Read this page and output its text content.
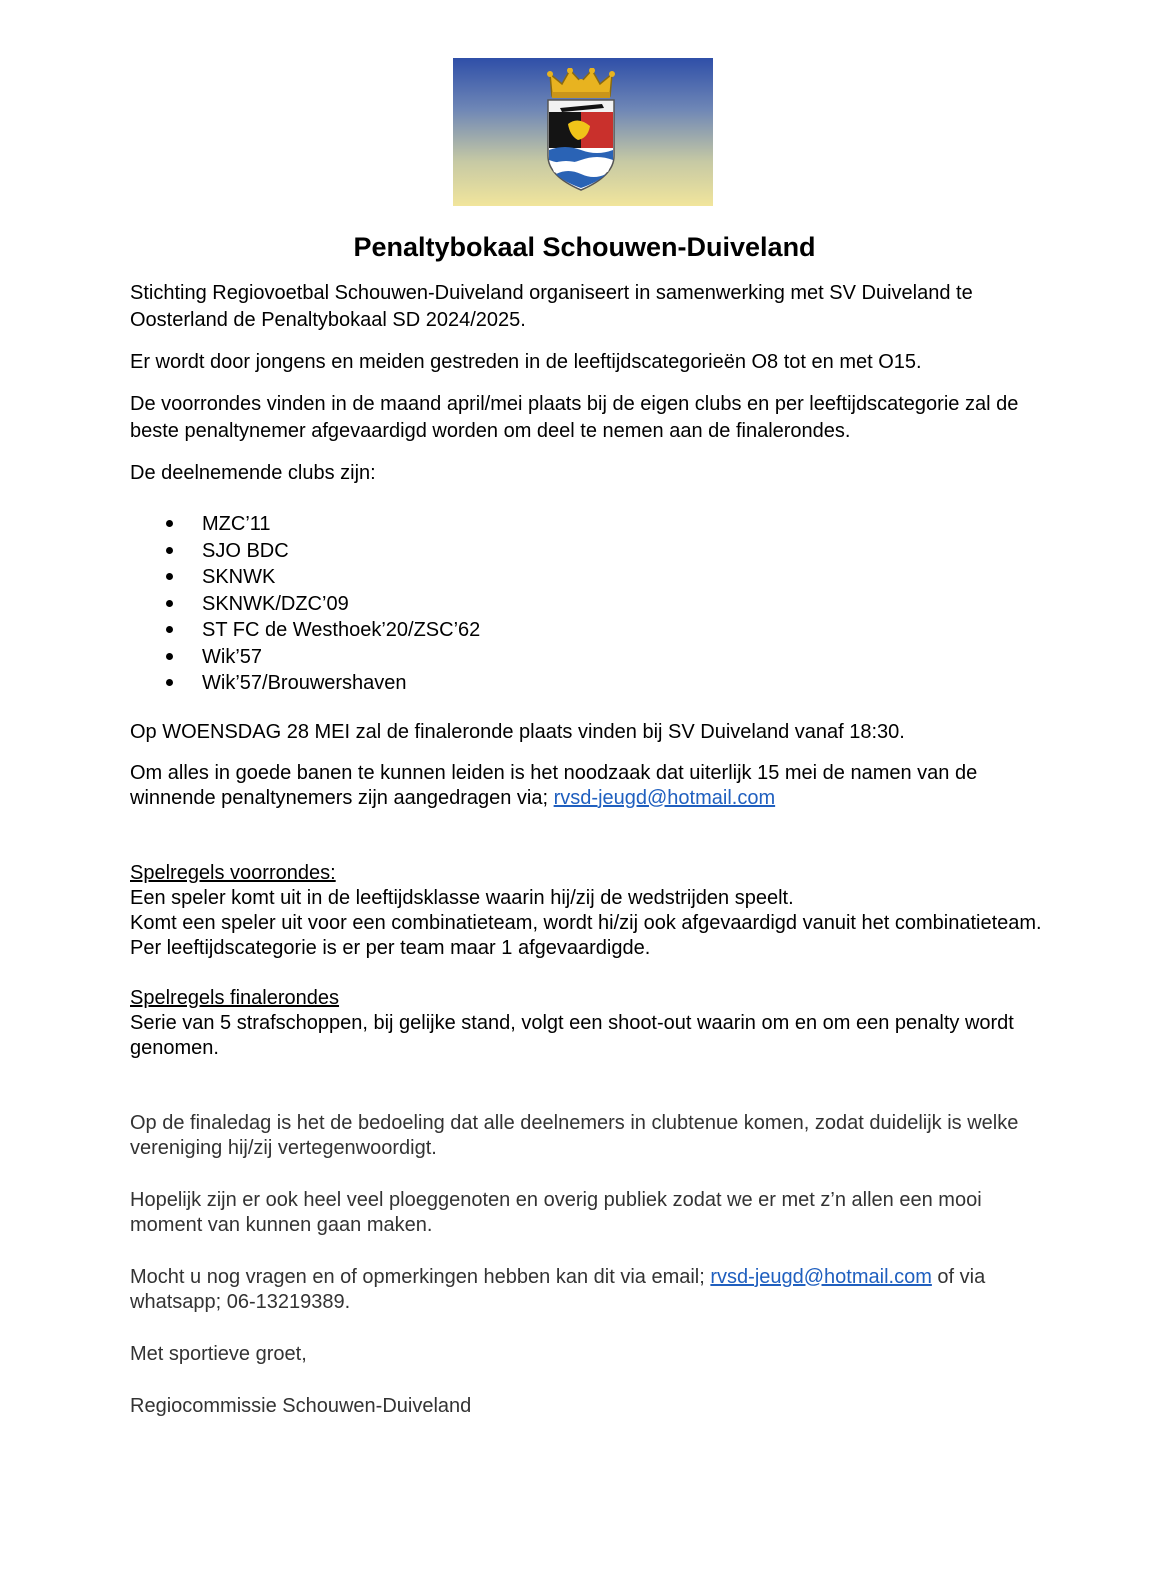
Penaltybokaal Schouwen-Duiveland

Stichting Regiovoetbal Schouwen-Duiveland organiseert in samenwerking met SV Duiveland te Oosterland de Penaltybokaal SD 2024/2025.

Er wordt door jongens en meiden gestreden in de leeftijdscategorieën O8 tot en met O15.

De voorrondes vinden in de maand april/mei plaats bij de eigen clubs en per leeftijdscategorie zal de beste penaltynemer afgevaardigd worden om deel te nemen aan de finalerondes.

De deelnemende clubs zijn:

MZC’11
SJO BDC
SKNWK
SKNWK/DZC’09
ST FC de Westhoek’20/ZSC’62
Wik’57
Wik’57/Brouwershaven

Op WOENSDAG 28 MEI zal de finaleronde plaats vinden bij SV Duiveland vanaf 18:30.

Om alles in goede banen te kunnen leiden is het noodzaak dat uiterlijk 15 mei de namen van de winnende penaltynemers zijn aangedragen via; rvsd-jeugd@hotmail.com

Spelregels voorrondes:

Een speler komt uit in de leeftijdsklasse waarin hij/zij de wedstrijden speelt.

Komt een speler uit voor een combinatieteam, wordt hi/zij ook afgevaardigd vanuit het combinatieteam.

Per leeftijdscategorie is er per team maar 1 afgevaardigde.

Spelregels finalerondes

Serie van 5 strafschoppen, bij gelijke stand, volgt een shoot-out waarin om en om een penalty wordt genomen.

Op de finaledag is het de bedoeling dat alle deelnemers in clubtenue komen, zodat duidelijk is welke vereniging hij/zij vertegenwoordigt.

Hopelijk zijn er ook heel veel ploeggenoten en overig publiek zodat we er met z’n allen een mooi moment van kunnen gaan maken.

Mocht u nog vragen en of opmerkingen hebben kan dit via email; rvsd-jeugd@hotmail.com of via whatsapp; 06-13219389.

Met sportieve groet,

Regiocommissie Schouwen-Duiveland
